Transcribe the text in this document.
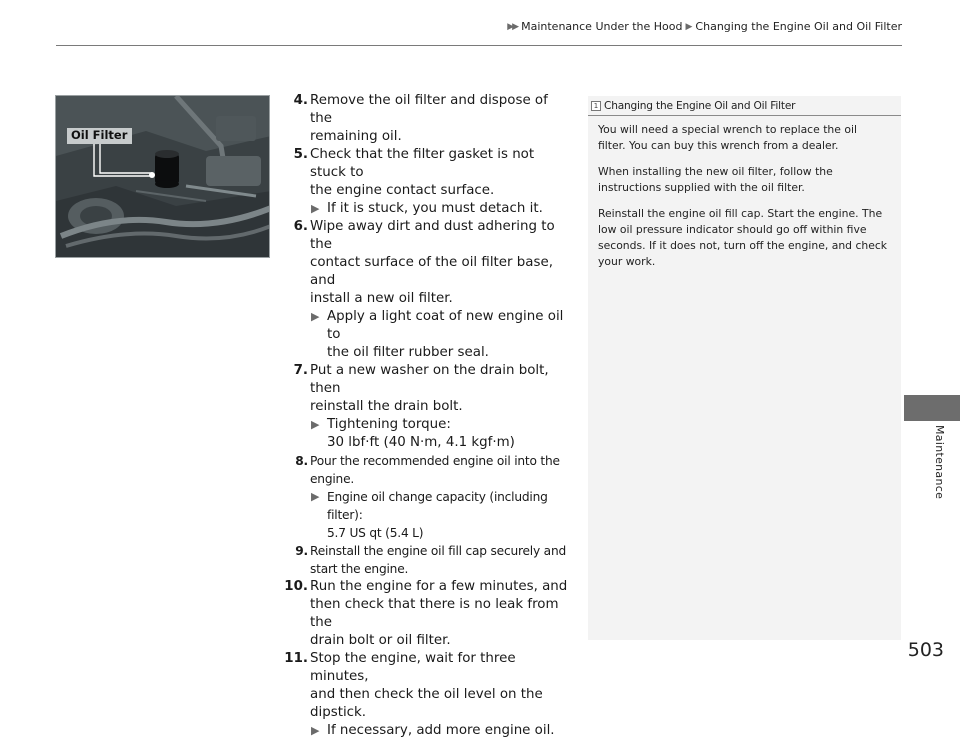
▶▶ Maintenance Under the Hood ▶ Changing the Engine Oil and Oil Filter
Oil Filter
4. Remove the oil filter and dispose of the
remaining oil.
5. Check that the filter gasket is not stuck to
the engine contact surface.
▶ If it is stuck, you must detach it.
6. Wipe away dirt and dust adhering to the
contact surface of the oil filter base, and
install a new oil filter.
▶ Apply a light coat of new engine oil to
the oil filter rubber seal.
7. Put a new washer on the drain bolt, then
reinstall the drain bolt.
▶ Tightening torque:
30 lbf·ft (40 N·m, 4.1 kgf·m)
8. Pour the recommended engine oil into the
engine.
▶ Engine oil change capacity (including
filter):
5.7 US qt (5.4 L)
9. Reinstall the engine oil fill cap securely and
start the engine.
10. Run the engine for a few minutes, and
then check that there is no leak from the
drain bolt or oil filter.
11. Stop the engine, wait for three minutes,
and then check the oil level on the
dipstick.
▶ If necessary, add more engine oil.
1 Changing the Engine Oil and Oil Filter

You will need a special wrench to replace the oil
filter. You can buy this wrench from a dealer.

When installing the new oil filter, follow the
instructions supplied with the oil filter.

Reinstall the engine oil fill cap. Start the engine. The
low oil pressure indicator should go off within five
seconds. If it does not, turn off the engine, and check
your work.

Maintenance
503
